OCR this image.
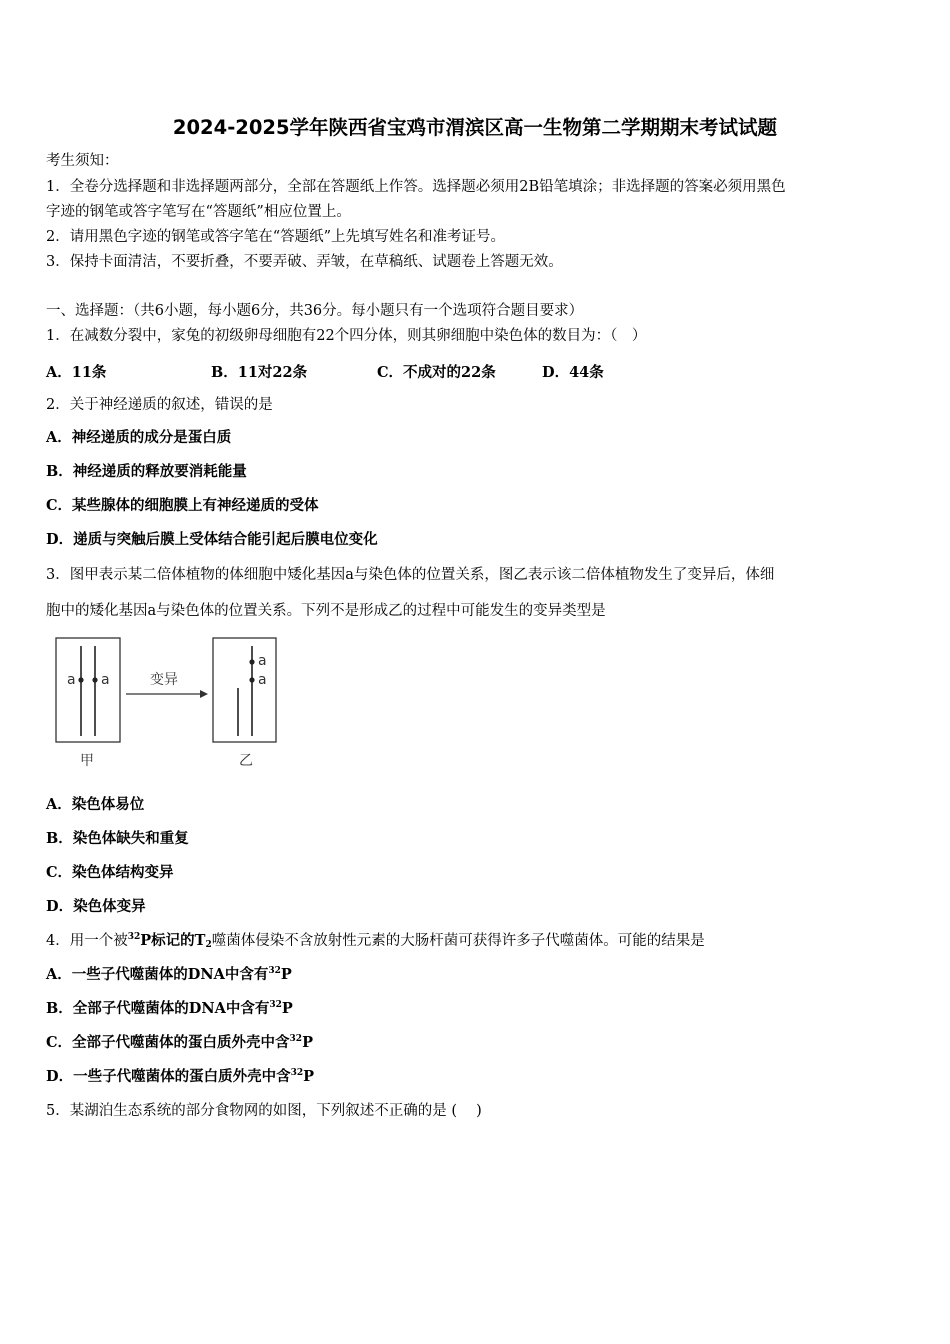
2024-2025学年陕西省宝鸡市渭滨区高一生物第二学期期末考试试题
考生须知：
1．全卷分选择题和非选择题两部分，全部在答题纸上作答。选择题必须用2B铅笔填涂；非选择题的答案必须用黑色
字迹的钢笔或答字笔写在“答题纸”相应位置上。
2．请用黑色字迹的钢笔或答字笔在“答题纸”上先填写姓名和准考证号。
3．保持卡面清洁，不要折叠，不要弄破、弄皱，在草稿纸、试题卷上答题无效。
一、选择题：（共6小题，每小题6分，共36分。每小题只有一个选项符合题目要求）
1．在减数分裂中，家兔的初级卵母细胞有22个四分体，则其卵细胞中染色体的数目为：（　）
A．11条	B．11对22条	C．不成对的22条	D．44条
2．关于神经递质的叙述，错误的是
A．神经递质的成分是蛋白质
B．神经递质的释放要消耗能量
C．某些腺体的细胞膜上有神经递质的受体
D．递质与突触后膜上受体结合能引起后膜电位变化
3．图甲表示某二倍体植物的体细胞中矮化基因a与染色体的位置关系，图乙表示该二倍体植物发生了变异后，体细
胞中的矮化基因a与染色体的位置关系。下列不是形成乙的过程中可能发生的变异类型是
a a	变异
a
a
甲	乙
A．染色体易位
B．染色体缺失和重复
C．染色体结构变异
D．染色体变异
4．用一个被$^{32}$P标记的$T_2$噬菌体侵染不含放射性元素的大肠杆菌可获得许多子代噬菌体。可能的结果是
A．一些子代噬菌体的DNA中含有$^{32}$P
B．全部子代噬菌体的DNA中含有$^{32}$P
C．全部子代噬菌体的蛋白质外壳中含$^{32}$P
D．一些子代噬菌体的蛋白质外壳中含$^{32}$P
5．某湖泊生态系统的部分食物网的如图，下列叙述不正确的是 (　 )
